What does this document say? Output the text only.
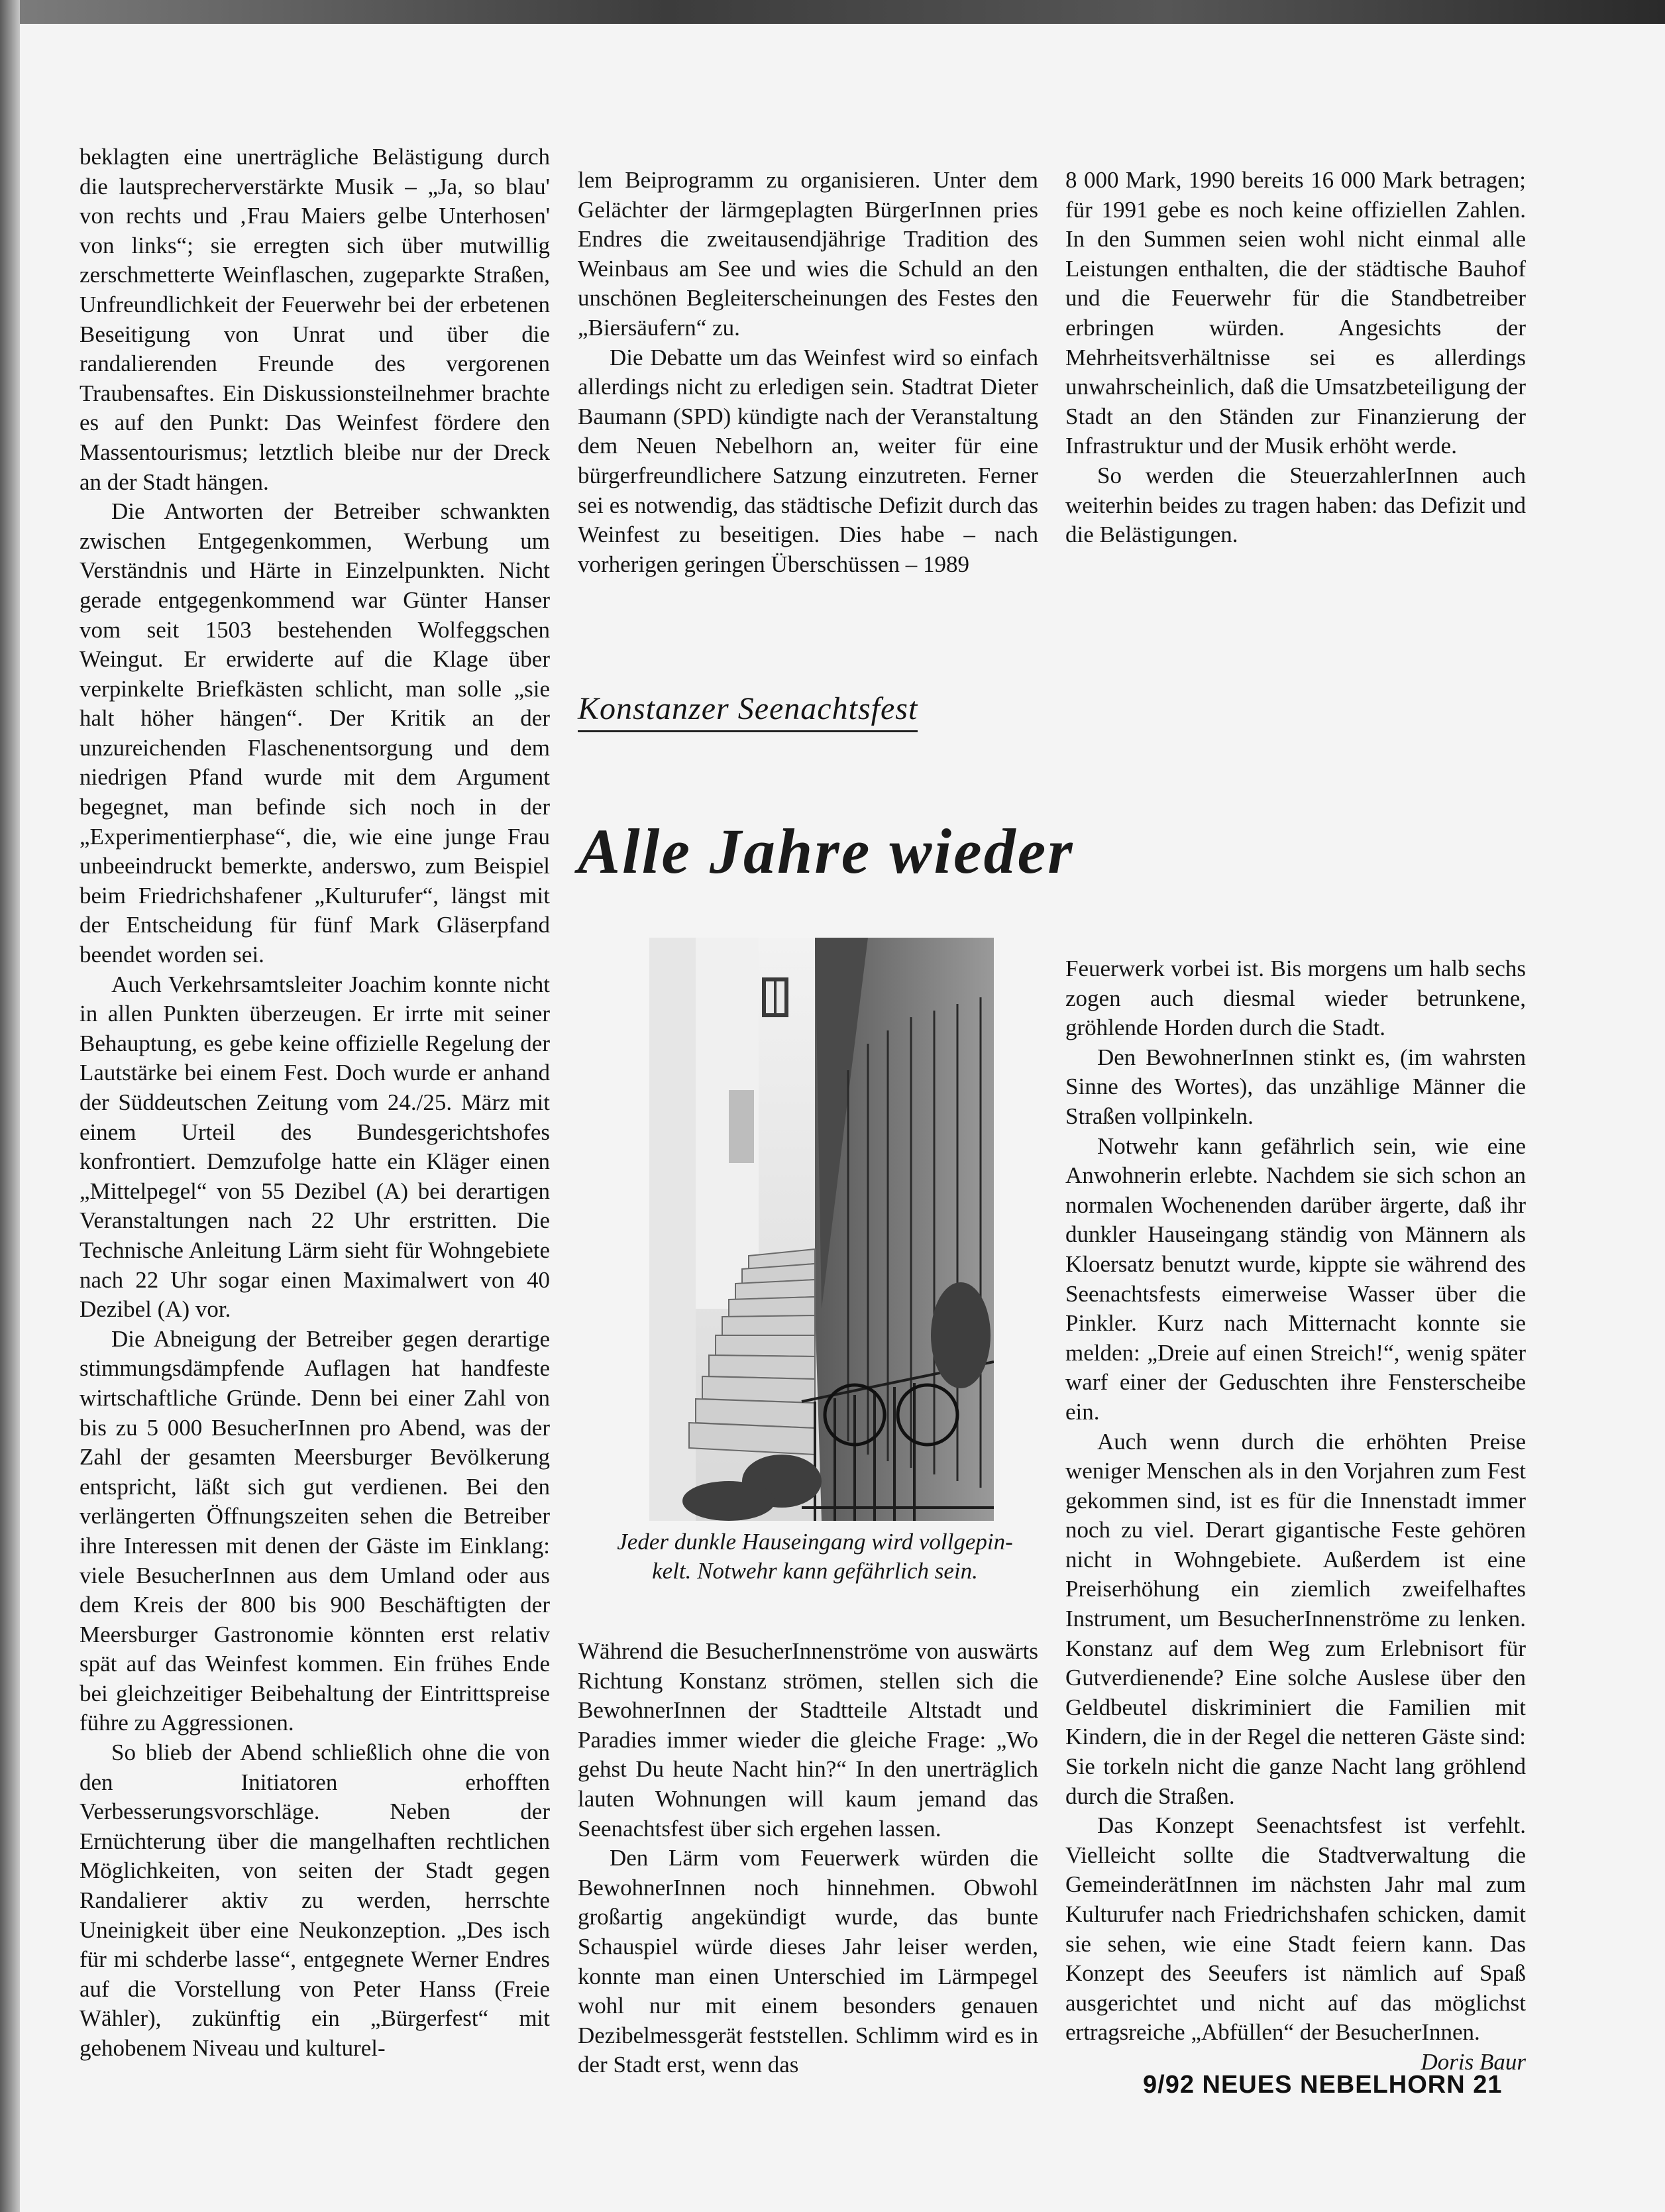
beklagten eine unerträgliche Belästigung durch die lautsprecherverstärkte Musik – „Ja, so blau' von rechts und ‚Frau Maiers gelbe Unterhosen' von links“; sie erregten sich über mutwillig zerschmetterte Weinflaschen, zugeparkte Straßen, Unfreundlichkeit der Feuerwehr bei der erbetenen Beseitigung von Unrat und über die randalierenden Freunde des vergorenen Traubensaftes. Ein Diskussionsteilnehmer brachte es auf den Punkt: Das Weinfest fördere den Massentourismus; letztlich bleibe nur der Dreck an der Stadt hängen.

Die Antworten der Betreiber schwankten zwischen Entgegenkommen, Werbung um Verständnis und Härte in Einzelpunkten. Nicht gerade entgegenkommend war Günter Hanser vom seit 1503 bestehenden Wolfeggschen Weingut. Er erwiderte auf die Klage über verpinkelte Briefkästen schlicht, man solle „sie halt höher hängen“. Der Kritik an der unzureichenden Flaschenentsorgung und dem niedrigen Pfand wurde mit dem Argument begegnet, man befinde sich noch in der „Experimentierphase“, die, wie eine junge Frau unbeeindruckt bemerkte, anderswo, zum Beispiel beim Friedrichshafener „Kulturufer“, längst mit der Entscheidung für fünf Mark Gläserpfand beendet worden sei.

Auch Verkehrsamtsleiter Joachim konnte nicht in allen Punkten überzeugen. Er irrte mit seiner Behauptung, es gebe keine offizielle Regelung der Lautstärke bei einem Fest. Doch wurde er anhand der Süddeutschen Zeitung vom 24./25. März mit einem Urteil des Bundesgerichtshofes konfrontiert. Demzufolge hatte ein Kläger einen „Mittelpegel“ von 55 Dezibel (A) bei derartigen Veranstaltungen nach 22 Uhr erstritten. Die Technische Anleitung Lärm sieht für Wohngebiete nach 22 Uhr sogar einen Maximalwert von 40 Dezibel (A) vor.

Die Abneigung der Betreiber gegen derartige stimmungsdämpfende Auflagen hat handfeste wirtschaftliche Gründe. Denn bei einer Zahl von bis zu 5 000 BesucherInnen pro Abend, was der Zahl der gesamten Meersburger Bevölkerung entspricht, läßt sich gut verdienen. Bei den verlängerten Öffnungszeiten sehen die Betreiber ihre Interessen mit denen der Gäste im Einklang: viele BesucherInnen aus dem Umland oder aus dem Kreis der 800 bis 900 Beschäftigten der Meersburger Gastronomie könnten erst relativ spät auf das Weinfest kommen. Ein frühes Ende bei gleichzeitiger Beibehaltung der Eintrittspreise führe zu Aggressionen.

So blieb der Abend schließlich ohne die von den Initiatoren erhofften Verbesserungsvorschläge. Neben der Ernüchterung über die mangelhaften rechtlichen Möglichkeiten, von seiten der Stadt gegen Randalierer aktiv zu werden, herrschte Uneinigkeit über eine Neukonzeption. „Des isch für mi schderbe lasse“, entgegnete Werner Endres auf die Vorstellung von Peter Hanss (Freie Wähler), zukünftig ein „Bürgerfest“ mit gehobenem Niveau und kulturel-

lem Beiprogramm zu organisieren. Unter dem Gelächter der lärmgeplagten BürgerInnen pries Endres die zweitausendjährige Tradition des Weinbaus am See und wies die Schuld an den unschönen Begleiterscheinungen des Festes den „Biersäufern“ zu.

Die Debatte um das Weinfest wird so einfach allerdings nicht zu erledigen sein. Stadtrat Dieter Baumann (SPD) kündigte nach der Veranstaltung dem Neuen Nebelhorn an, weiter für eine bürgerfreundlichere Satzung einzutreten. Ferner sei es notwendig, das städtische Defizit durch das Weinfest zu beseitigen. Dies habe – nach vorherigen geringen Überschüssen – 1989

8 000 Mark, 1990 bereits 16 000 Mark betragen; für 1991 gebe es noch keine offiziellen Zahlen. In den Summen seien wohl nicht einmal alle Leistungen enthalten, die der städtische Bauhof und die Feuerwehr für die Standbetreiber erbringen würden. Angesichts der Mehrheitsverhältnisse sei es allerdings unwahrscheinlich, daß die Umsatzbeteiligung der Stadt an den Ständen zur Finanzierung der Infrastruktur und der Musik erhöht werde.

So werden die SteuerzahlerInnen auch weiterhin beides zu tragen haben: das Defizit und die Belästigungen.

Konstanzer Seenachtsfest
Alle Jahre wieder
Jeder dunkle Hauseingang wird vollgepin-
kelt. Notwehr kann gefährlich sein.

Während die BesucherInnenströme von auswärts Richtung Konstanz strömen, stellen sich die BewohnerInnen der Stadtteile Altstadt und Paradies immer wieder die gleiche Frage: „Wo gehst Du heute Nacht hin?“ In den unerträglich lauten Wohnungen will kaum jemand das Seenachtsfest über sich ergehen lassen.

Den Lärm vom Feuerwerk würden die BewohnerInnen noch hinnehmen. Obwohl großartig angekündigt wurde, das bunte Schauspiel würde dieses Jahr leiser werden, konnte man einen Unterschied im Lärmpegel wohl nur mit einem besonders genauen Dezibelmessgerät feststellen. Schlimm wird es in der Stadt erst, wenn das

Feuerwerk vorbei ist. Bis morgens um halb sechs zogen auch diesmal wieder betrunkene, gröhlende Horden durch die Stadt.

Den BewohnerInnen stinkt es, (im wahrsten Sinne des Wortes), das unzählige Männer die Straßen vollpinkeln.

Notwehr kann gefährlich sein, wie eine Anwohnerin erlebte. Nachdem sie sich schon an normalen Wochenenden darüber ärgerte, daß ihr dunkler Hauseingang ständig von Männern als Kloersatz benutzt wurde, kippte sie während des Seenachtsfests eimerweise Wasser über die Pinkler. Kurz nach Mitternacht konnte sie melden: „Dreie auf einen Streich!“, wenig später warf einer der Geduschten ihre Fensterscheibe ein.

Auch wenn durch die erhöhten Preise weniger Menschen als in den Vorjahren zum Fest gekommen sind, ist es für die Innenstadt immer noch zu viel. Derart gigantische Feste gehören nicht in Wohngebiete. Außerdem ist eine Preiserhöhung ein ziemlich zweifelhaftes Instrument, um BesucherInnenströme zu lenken. Konstanz auf dem Weg zum Erlebnisort für Gutverdienende? Eine solche Auslese über den Geldbeutel diskriminiert die Familien mit Kindern, die in der Regel die netteren Gäste sind: Sie torkeln nicht die ganze Nacht lang gröhlend durch die Straßen.

Das Konzept Seenachtsfest ist verfehlt. Vielleicht sollte die Stadtverwaltung die GemeinderätInnen im nächsten Jahr mal zum Kulturufer nach Friedrichshafen schicken, damit sie sehen, wie eine Stadt feiern kann. Das Konzept des Seeufers ist nämlich auf Spaß ausgerichtet und nicht auf das möglichst ertragsreiche „Abfüllen“ der BesucherInnen.
Doris Baur

9/92 NEUES NEBELHORN 21
